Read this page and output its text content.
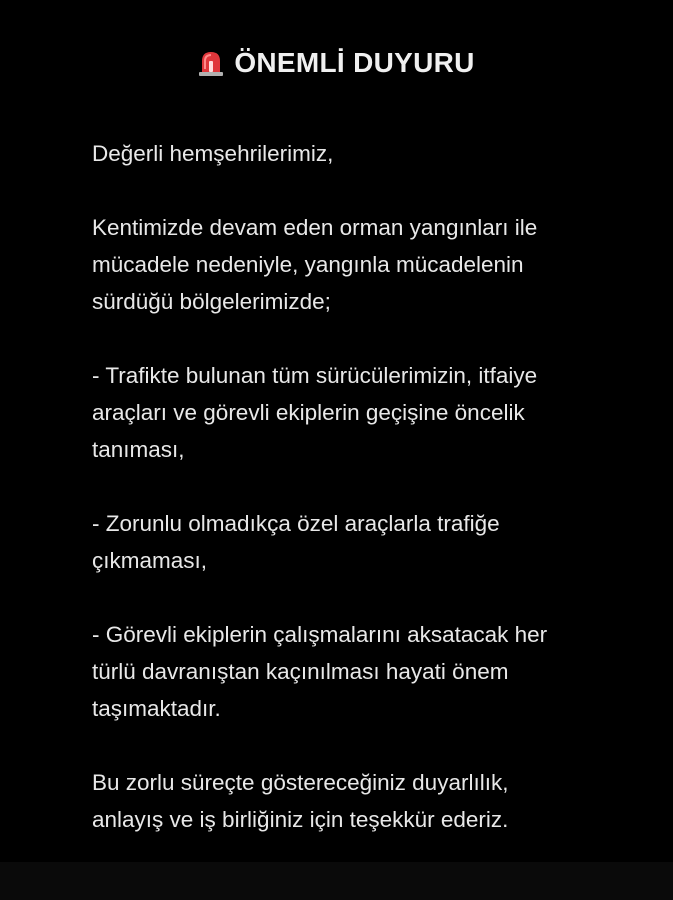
ÖNEMLİ DUYURU

Değerli hemşehrilerimiz,

Kentimizde devam eden orman yangınları ile
mücadele nedeniyle, yangınla mücadelenin
sürdüğü bölgelerimizde;

- Trafikte bulunan tüm sürücülerimizin, itfaiye
araçları ve görevli ekiplerin geçişine öncelik
tanıması,

- Zorunlu olmadıkça özel araçlarla trafiğe
çıkmaması,

- Görevli ekiplerin çalışmalarını aksatacak her
türlü davranıştan kaçınılması hayati önem
taşımaktadır.

Bu zorlu süreçte göstereceğiniz duyarlılık,
anlayış ve iş birliğiniz için teşekkür ederiz.
